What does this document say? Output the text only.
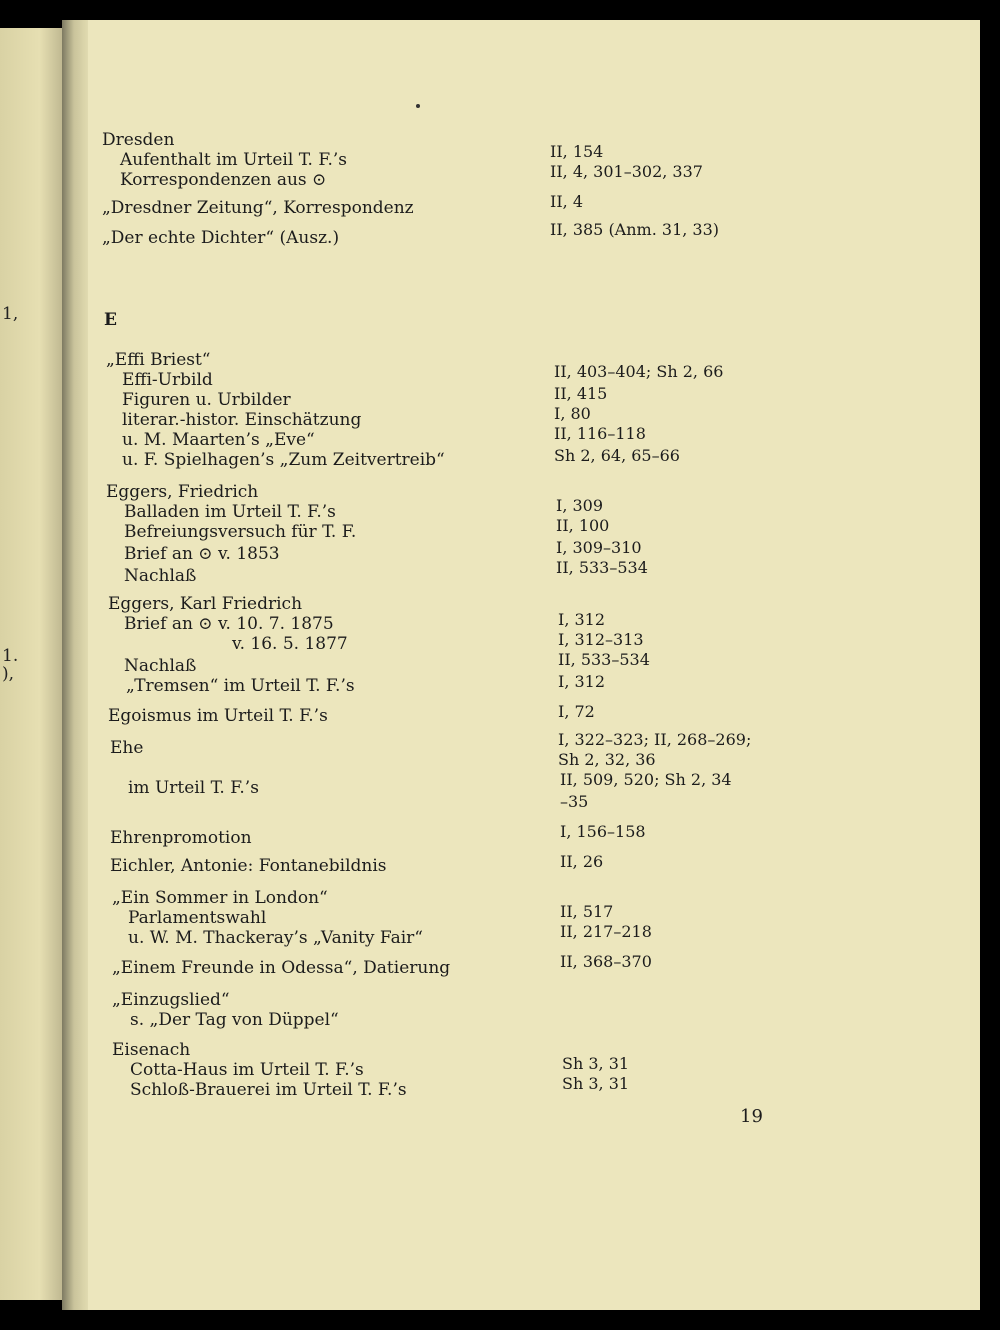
1,
1.
),
Dresden
Aufenthalt im Urteil T. F.’s	II, 154
Korrespondenzen aus ⊙	II, 4, 301–302, 337
„Dresdner Zeitung“, Korrespondenz	II, 4
„Der echte Dichter“ (Ausz.)	II, 385 (Anm. 31, 33)
E
„Effi Briest“
Effi-Urbild	II, 403–404; Sh 2, 66
Figuren u. Urbilder	II, 415
literar.-histor. Einschätzung	I, 80
u. M. Maarten’s „Eve“	II, 116–118
u. F. Spielhagen’s „Zum Zeitvertreib“	Sh 2, 64, 65–66
Eggers, Friedrich
Balladen im Urteil T. F.’s	I, 309
Befreiungsversuch für T. F.	II, 100
Brief an ⊙ v. 1853	I, 309–310
Nachlaß	II, 533–534
Eggers, Karl Friedrich
Brief an ⊙ v. 10. 7. 1875	I, 312
v. 16. 5. 1877	I, 312–313
Nachlaß	II, 533–534
„Tremsen“ im Urteil T. F.’s	I, 312
Egoismus im Urteil T. F.’s	I, 72
Ehe	I, 322–323; II, 268–269;
Sh 2, 32, 36
im Urteil T. F.’s	II, 509, 520; Sh 2, 34
–35
Ehrenpromotion	I, 156–158
Eichler, Antonie: Fontanebildnis	II, 26
„Ein Sommer in London“
Parlamentswahl	II, 517
u. W. M. Thackeray’s „Vanity Fair“	II, 217–218
„Einem Freunde in Odessa“, Datierung	II, 368–370
„Einzugslied“
s. „Der Tag von Düppel“
Eisenach
Cotta-Haus im Urteil T. F.’s	Sh 3, 31
Schloß-Brauerei im Urteil T. F.’s	Sh 3, 31
19
